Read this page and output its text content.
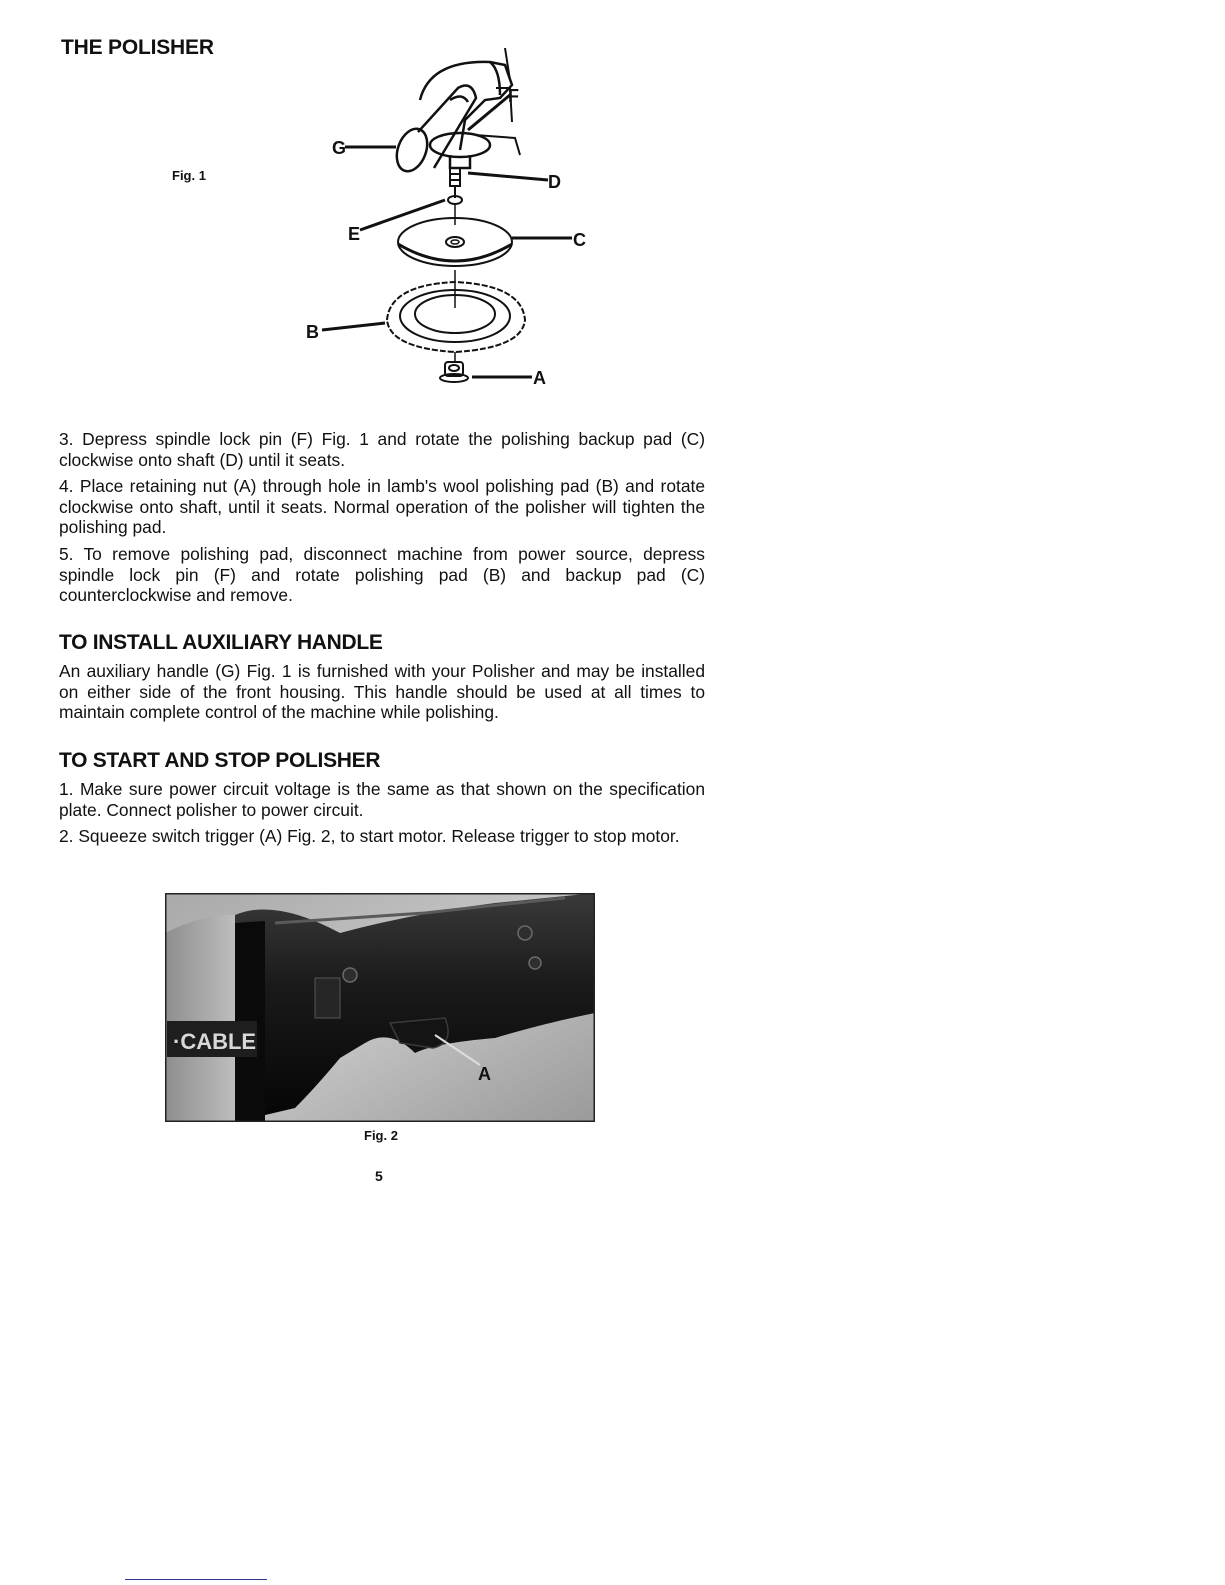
THE POLISHER
Fig. 1
F
G
D
E	C
B
A
3. Depress spindle lock pin (F) Fig. 1 and rotate the polishing backup pad (C) clockwise onto shaft (D) until it seats.
4. Place retaining nut (A) through hole in lamb's wool polishing pad (B) and rotate clockwise onto shaft, until it seats. Normal operation of the polisher will tighten the polishing pad.
5. To remove polishing pad, disconnect machine from power source, depress spindle lock pin (F) and rotate polishing pad (B) and backup pad (C) counterclockwise and remove.
TO INSTALL AUXILIARY HANDLE
An auxiliary handle (G) Fig. 1 is furnished with your Polisher and may be installed on either side of the front housing. This handle should be used at all times to maintain complete control of the machine while polishing.
TO START AND STOP POLISHER
1. Make sure power circuit voltage is the same as that shown on the specification plate. Connect polisher to power circuit.
2. Squeeze switch trigger (A) Fig. 2, to start motor. Release trigger to stop motor.
·CABLE
A
Fig. 2
5
